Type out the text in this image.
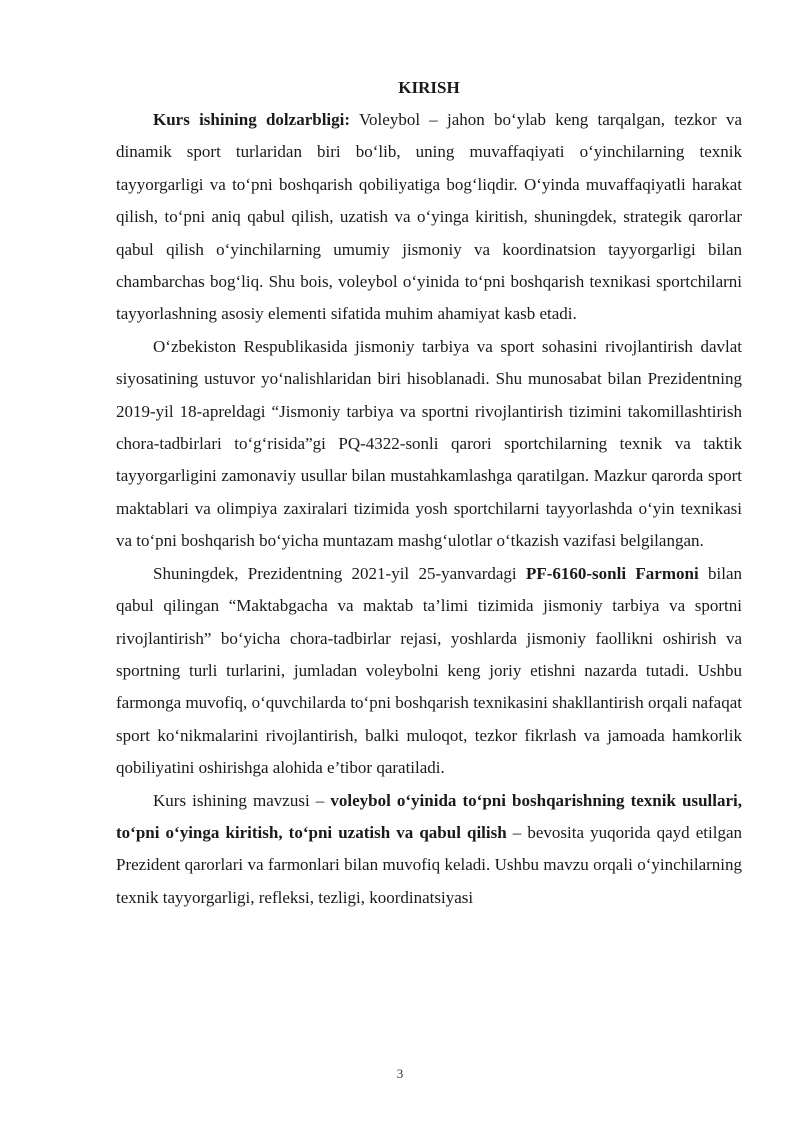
KIRISH

Kurs ishining dolzarbligi: Voleybol – jahon bo‘ylab keng tarqalgan, tezkor va dinamik sport turlaridan biri bo‘lib, uning muvaffaqiyati o‘yinchilarning texnik tayyorgarligi va to‘pni boshqarish qobiliyatiga bog‘liqdir. O‘yinda muvaffaqiyatli harakat qilish, to‘pni aniq qabul qilish, uzatish va o‘yinga kiritish, shuningdek, strategik qarorlar qabul qilish o‘yinchilarning umumiy jismoniy va koordinatsion tayyorgarligi bilan chambarchas bog‘liq. Shu bois, voleybol o‘yinida to‘pni boshqarish texnikasi sportchilarni tayyorlashning asosiy elementi sifatida muhim ahamiyat kasb etadi.

O‘zbekiston Respublikasida jismoniy tarbiya va sport sohasini rivojlantirish davlat siyosatining ustuvor yo‘nalishlaridan biri hisoblanadi. Shu munosabat bilan Prezidentning 2019-yil 18-apreldagi “Jismoniy tarbiya va sportni rivojlantirish tizimini takomillashtirish chora-tadbirlari to‘g‘risida”gi PQ-4322-sonli qarori sportchilarning texnik va taktik tayyorgarligini zamonaviy usullar bilan mustahkamlashga qaratilgan. Mazkur qarorda sport maktablari va olimpiya zaxiralari tizimida yosh sportchilarni tayyorlashda o‘yin texnikasi va to‘pni boshqarish bo‘yicha muntazam mashg‘ulotlar o‘tkazish vazifasi belgilangan.

Shuningdek, Prezidentning 2021-yil 25-yanvardagi PF-6160-sonli Farmoni bilan qabul qilingan “Maktabgacha va maktab ta’limi tizimida jismoniy tarbiya va sportni rivojlantirish” bo‘yicha chora-tadbirlar rejasi, yoshlarda jismoniy faollikni oshirish va sportning turli turlarini, jumladan voleybolni keng joriy etishni nazarda tutadi. Ushbu farmonga muvofiq, o‘quvchilarda to‘pni boshqarish texnikasini shakllantirish orqali nafaqat sport ko‘nikmalarini rivojlantirish, balki muloqot, tezkor fikrlash va jamoada hamkorlik qobiliyatini oshirishga alohida e’tibor qaratiladi.

Kurs ishining mavzusi – voleybol o‘yinida to‘pni boshqarishning texnik usullari, to‘pni o‘yinga kiritish, to‘pni uzatish va qabul qilish – bevosita yuqorida qayd etilgan Prezident qarorlari va farmonlari bilan muvofiq keladi. Ushbu mavzu orqali o‘yinchilarning texnik tayyorgarligi, refleksi, tezligi, koordinatsiyasi

3
